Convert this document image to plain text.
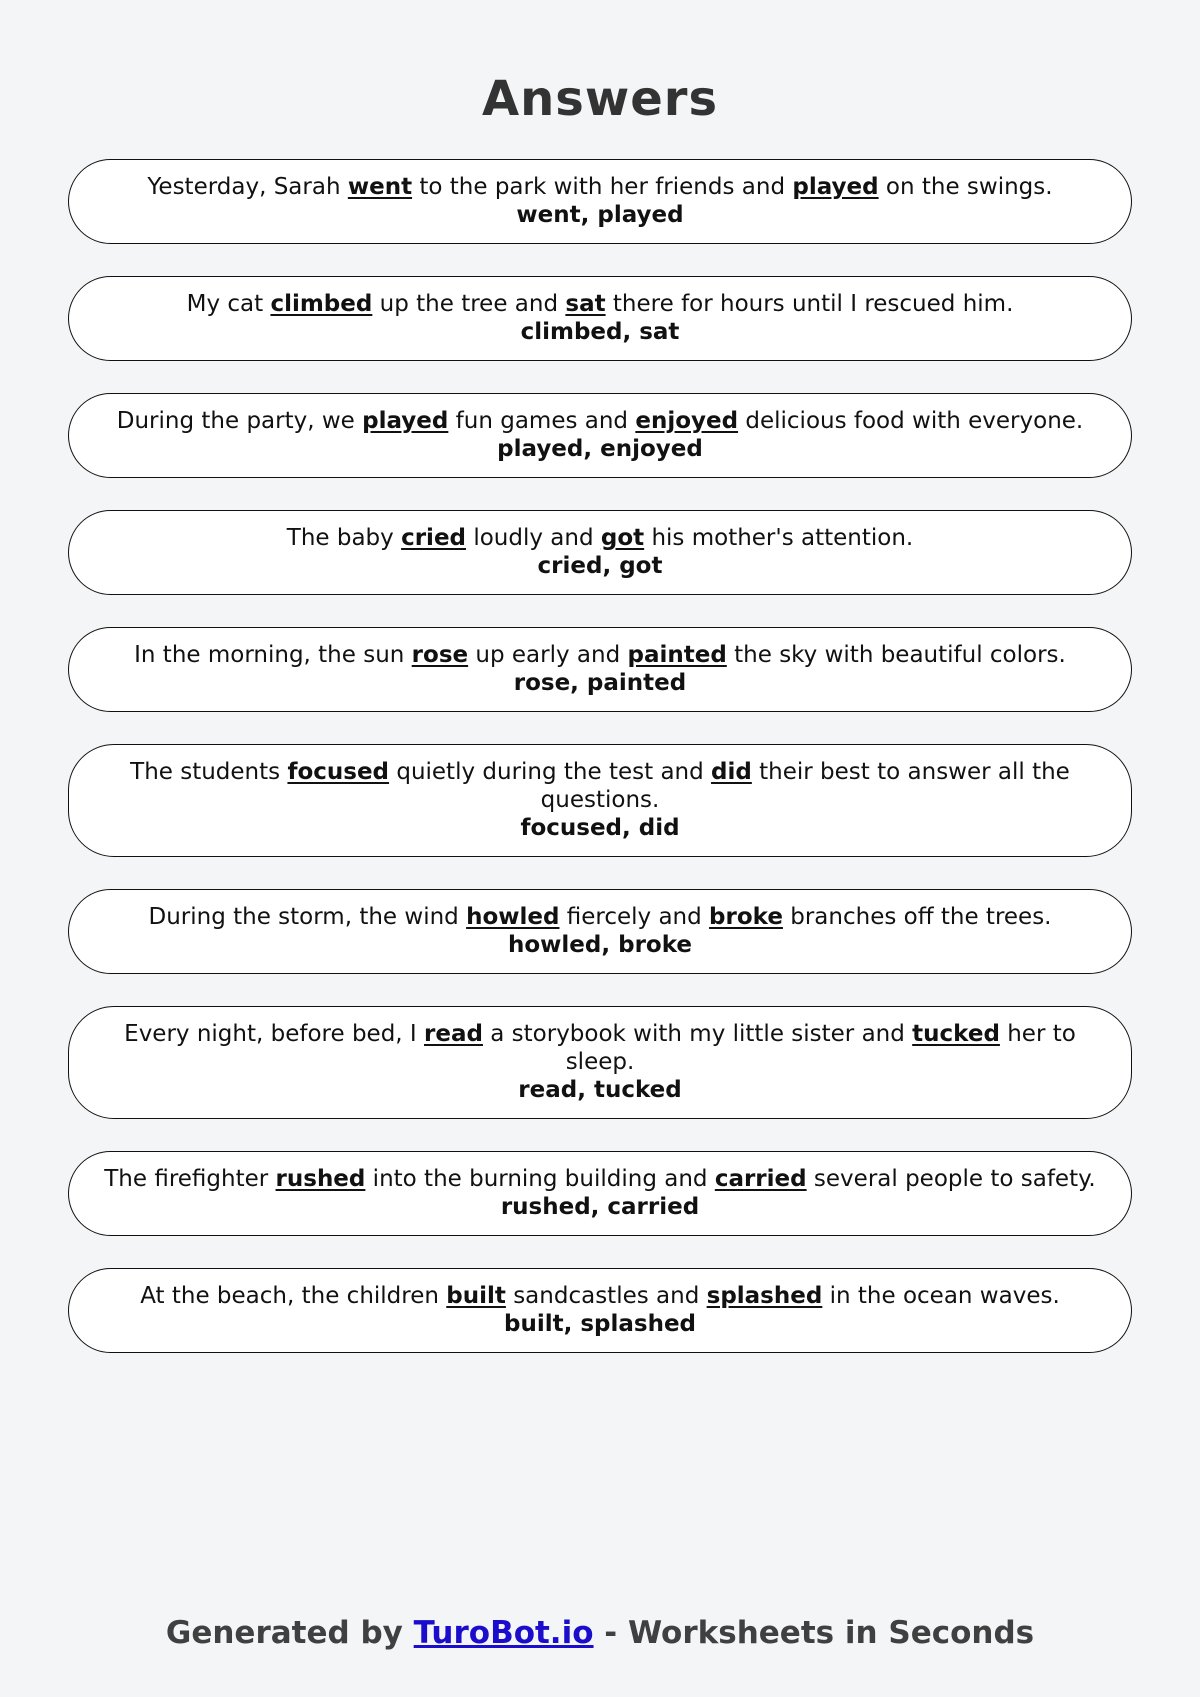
Answers
Yesterday, Sarah went to the park with her friends and played on the swings.
went, played
My cat climbed up the tree and sat there for hours until I rescued him.
climbed, sat
During the party, we played fun games and enjoyed delicious food with everyone.
played, enjoyed
The baby cried loudly and got his mother's attention.
cried, got
In the morning, the sun rose up early and painted the sky with beautiful colors.
rose, painted
The students focused quietly during the test and did their best to answer all the questions.
focused, did
During the storm, the wind howled fiercely and broke branches off the trees.
howled, broke
Every night, before bed, I read a storybook with my little sister and tucked her to sleep.
read, tucked
The firefighter rushed into the burning building and carried several people to safety.
rushed, carried
At the beach, the children built sandcastles and splashed in the ocean waves.
built, splashed
Generated by TuroBot.io - Worksheets in Seconds
